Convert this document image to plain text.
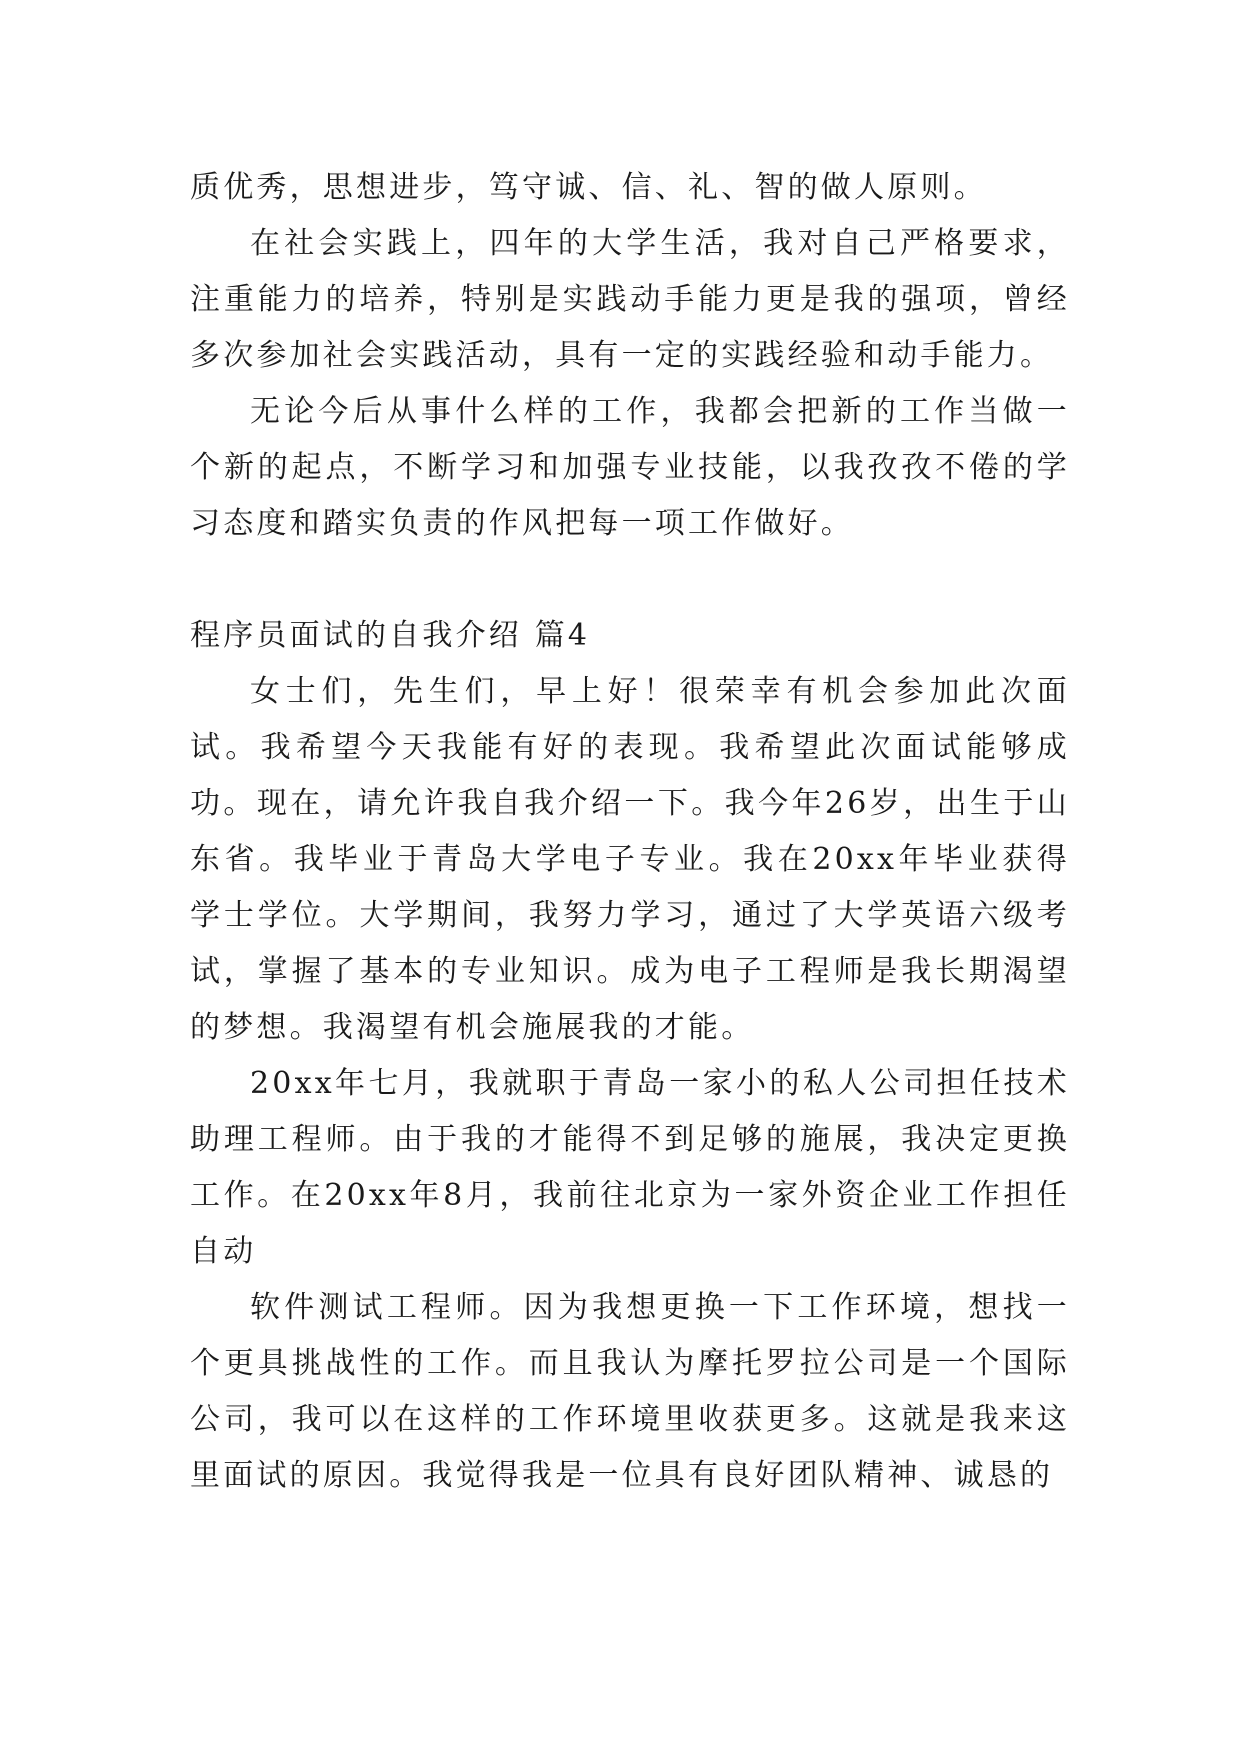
质优秀，思想进步，笃守诚、信、礼、智的做人原则。

在社会实践上，四年的大学生活，我对自己严格要求，注重能力的培养，特别是实践动手能力更是我的强项，曾经多次参加社会实践活动，具有一定的实践经验和动手能力。

无论今后从事什么样的工作，我都会把新的工作当做一个新的起点，不断学习和加强专业技能，以我孜孜不倦的学习态度和踏实负责的作风把每一项工作做好。

程序员面试的自我介绍 篇4

女士们，先生们，早上好！很荣幸有机会参加此次面试。我希望今天我能有好的表现。我希望此次面试能够成功。现在，请允许我自我介绍一下。我今年26岁，出生于山东省。我毕业于青岛大学电子专业。我在20xx年毕业获得学士学位。大学期间，我努力学习，通过了大学英语六级考试，掌握了基本的专业知识。成为电子工程师是我长期渴望的梦想。我渴望有机会施展我的才能。

20xx年七月，我就职于青岛一家小的私人公司担任技术助理工程师。由于我的才能得不到足够的施展，我决定更换工作。在20xx年8月，我前往北京为一家外资企业工作担任自动

软件测试工程师。因为我想更换一下工作环境，想找一个更具挑战性的工作。而且我认为摩托罗拉公司是一个国际公司，我可以在这样的工作环境里收获更多。这就是我来这里面试的原因。我觉得我是一位具有良好团队精神、诚恳的
